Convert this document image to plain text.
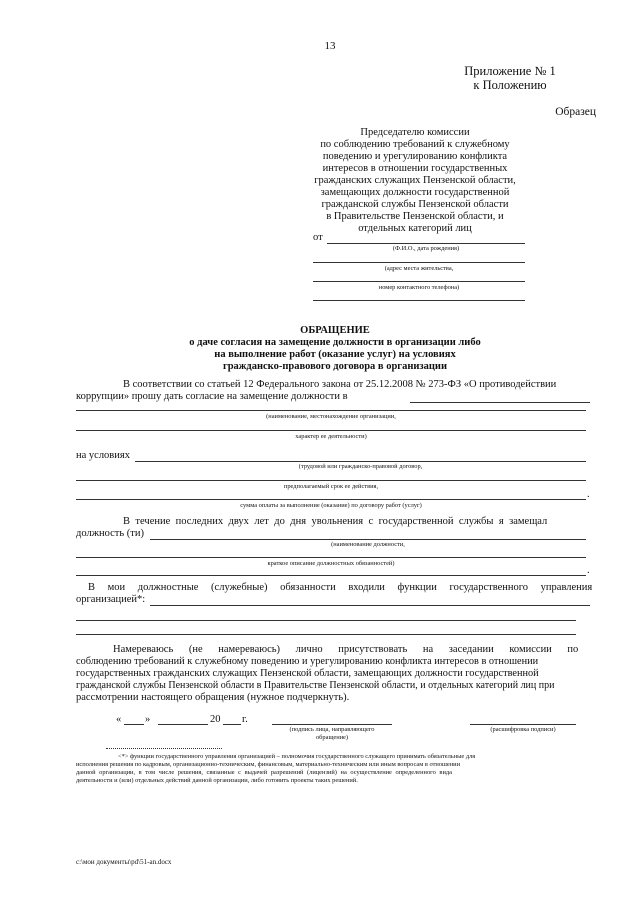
13
Приложение № 1
к Положению
Образец
Председателю комиссии
по соблюдению требований к служебному
поведению и урегулированию конфликта
интересов в отношении государственных
гражданских служащих Пензенской области,
замещающих должности государственной
гражданской службы Пензенской области
в Правительстве Пензенской области, и
отдельных категорий лиц
от
(Ф.И.О., дата рождения)
(адрес места жительства,
номер контактного телефона)
ОБРАЩЕНИЕ
о даче согласия на замещение должности в организации либо
на выполнение работ (оказание услуг) на условиях
гражданско-правового договора в организации
В соответствии со статьей 12 Федерального закона от 25.12.2008 № 273-ФЗ «О противодействии
коррупции» прошу дать согласие на замещение должности в
(наименование, местонахождение организации,
характер ее деятельности)
на условиях
(трудовой или гражданско-правовой договор,
предполагаемый срок ее действия,
.
сумма оплаты за выполнение (оказание) по договору работ (услуг)
В течение последних двух лет до дня увольнения с государственной службы я замещал
должность (ти)
(наименование должности,
краткое описание должностных обязанностей)
.
В мои должностные (служебные) обязанности входили функции государственного управления
организацией*:
Намереваюсь (не намереваюсь) лично присутствовать на заседании комиссии по
соблюдению требований к служебному поведению и урегулированию конфликта интересов в отношении
государственных гражданских служащих Пензенской области, замещающих должности государственной
гражданской службы Пензенской области в Правительстве Пензенской области, и отдельных категорий лиц при
рассмотрении настоящего обращения (нужное подчеркнуть).
« »	20 г.
(подпись лица, направляющего
обращение)
(расшифровка подписи)
<*> функции государственного управления организацией – полномочия государственного служащего принимать обязательные для
исполнения решения по кадровым, организационно-техническим, финансовым, материально-техническим или иным вопросам в отношении
данной организации, в том числе решения, связанные с выдачей разрешений (лицензий) на осуществление определенного вида
деятельности и (или) отдельных действий данной организации, либо готовить проекты таких решений.
c:\мои документы\pd\51-an.docx
